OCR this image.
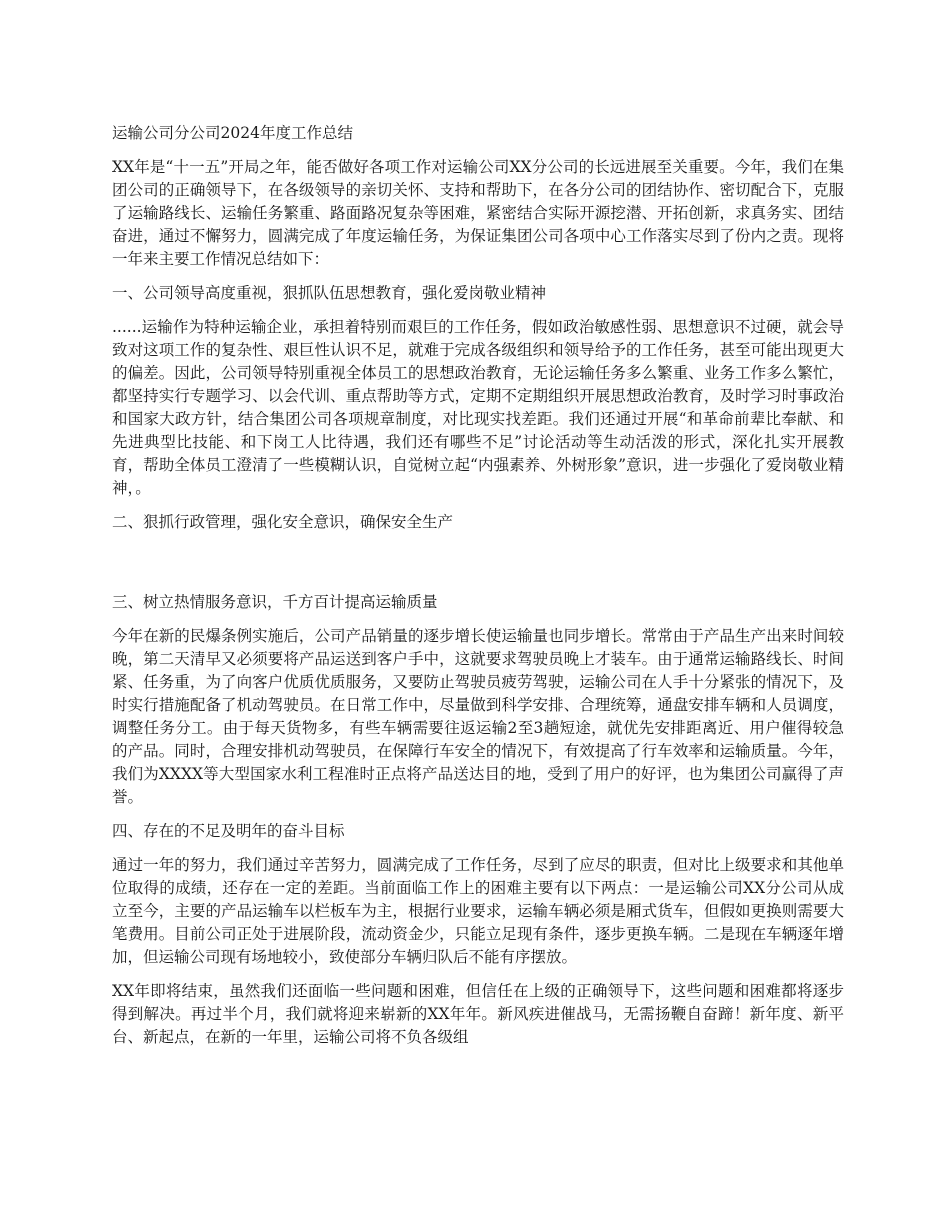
运输公司分公司2024年度工作总结

XX年是“十一五”开局之年，能否做好各项工作对运输公司XX分公司的长远进展至关重要。今年，我们在集团公司的正确领导下，在各级领导的亲切关怀、支持和帮助下，在各分公司的团结协作、密切配合下，克服了运输路线长、运输任务繁重、路面路况复杂等困难，紧密结合实际开源挖潜、开拓创新，求真务实、团结奋进，通过不懈努力，圆满完成了年度运输任务，为保证集团公司各项中心工作落实尽到了份内之责。现将一年来主要工作情况总结如下：

一、公司领导高度重视，狠抓队伍思想教育，强化爱岗敬业精神

......运输作为特种运输企业，承担着特别而艰巨的工作任务，假如政治敏感性弱、思想意识不过硬，就会导致对这项工作的复杂性、艰巨性认识不足，就难于完成各级组织和领导给予的工作任务，甚至可能出现更大的偏差。因此，公司领导特别重视全体员工的思想政治教育，无论运输任务多么繁重、业务工作多么繁忙，都坚持实行专题学习、以会代训、重点帮助等方式，定期不定期组织开展思想政治教育，及时学习时事政治和国家大政方针，结合集团公司各项规章制度，对比现实找差距。我们还通过开展“和革命前辈比奉献、和先进典型比技能、和下岗工人比待遇，我们还有哪些不足”讨论活动等生动活泼的形式，深化扎实开展教育，帮助全体员工澄清了一些模糊认识，自觉树立起“内强素养、外树形象”意识，进一步强化了爱岗敬业精神，。

二、狠抓行政管理，强化安全意识，确保安全生产
三、树立热情服务意识，千方百计提高运输质量

今年在新的民爆条例实施后，公司产品销量的逐步增长使运输量也同步增长。常常由于产品生产出来时间较晚，第二天清早又必须要将产品运送到客户手中，这就要求驾驶员晚上才装车。由于通常运输路线长、时间紧、任务重，为了向客户优质优质服务，又要防止驾驶员疲劳驾驶，运输公司在人手十分紧张的情况下，及时实行措施配备了机动驾驶员。在日常工作中，尽量做到科学安排、合理统筹，通盘安排车辆和人员调度，调整任务分工。由于每天货物多，有些车辆需要往返运输2至3趟短途，就优先安排距离近、用户催得较急的产品。同时，合理安排机动驾驶员，在保障行车安全的情况下，有效提高了行车效率和运输质量。今年，我们为XXXX等大型国家水利工程准时正点将产品送达目的地，受到了用户的好评，也为集团公司赢得了声誉。

四、存在的不足及明年的奋斗目标

通过一年的努力，我们通过辛苦努力，圆满完成了工作任务，尽到了应尽的职责，但对比上级要求和其他单位取得的成绩，还存在一定的差距。当前面临工作上的困难主要有以下两点：一是运输公司XX分公司从成立至今，主要的产品运输车以栏板车为主，根据行业要求，运输车辆必须是厢式货车，但假如更换则需要大笔费用。目前公司正处于进展阶段，流动资金少，只能立足现有条件，逐步更换车辆。二是现在车辆逐年增加，但运输公司现有场地较小，致使部分车辆归队后不能有序摆放。

XX年即将结束，虽然我们还面临一些问题和困难，但信任在上级的正确领导下，这些问题和困难都将逐步得到解决。再过半个月，我们就将迎来崭新的XX年年。新风疾进催战马，无需扬鞭自奋蹄！新年度、新平台、新起点，在新的一年里，运输公司将不负各级组
